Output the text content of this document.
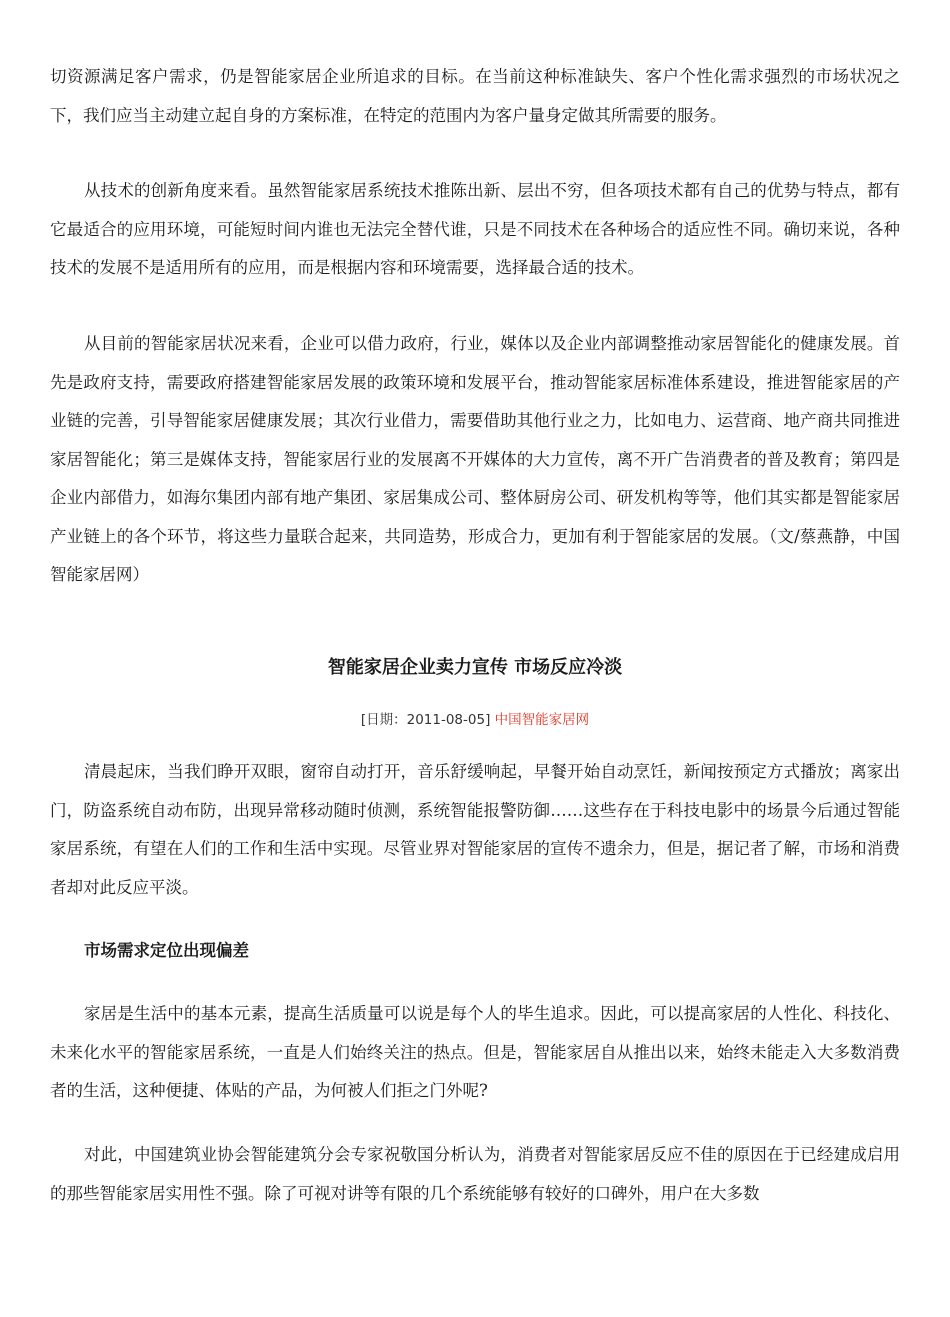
切资源满足客户需求，仍是智能家居企业所追求的目标。在当前这种标准缺失、客户个性化需求强烈的市场状况之下，我们应当主动建立起自身的方案标准，在特定的范围内为客户量身定做其所需要的服务。

从技术的创新角度来看。虽然智能家居系统技术推陈出新、层出不穷，但各项技术都有自己的优势与特点，都有它最适合的应用环境，可能短时间内谁也无法完全替代谁，只是不同技术在各种场合的适应性不同。确切来说，各种技术的发展不是适用所有的应用，而是根据内容和环境需要，选择最合适的技术。

从目前的智能家居状况来看，企业可以借力政府，行业，媒体以及企业内部调整推动家居智能化的健康发展。首先是政府支持，需要政府搭建智能家居发展的政策环境和发展平台，推动智能家居标准体系建设，推进智能家居的产业链的完善，引导智能家居健康发展；其次行业借力，需要借助其他行业之力，比如电力、运营商、地产商共同推进家居智能化；第三是媒体支持，智能家居行业的发展离不开媒体的大力宣传，离不开广告消费者的普及教育；第四是企业内部借力，如海尔集团内部有地产集团、家居集成公司、整体厨房公司、研发机构等等，他们其实都是智能家居产业链上的各个环节，将这些力量联合起来，共同造势，形成合力，更加有利于智能家居的发展。（文/蔡燕静，中国智能家居网）

智能家居企业卖力宣传 市场反应冷淡
[日期：2011-08-05] 中国智能家居网

清晨起床，当我们睁开双眼，窗帘自动打开，音乐舒缓响起，早餐开始自动烹饪，新闻按预定方式播放；离家出门，防盗系统自动布防，出现异常移动随时侦测，系统智能报警防御……这些存在于科技电影中的场景今后通过智能家居系统，有望在人们的工作和生活中实现。尽管业界对智能家居的宣传不遗余力，但是，据记者了解，市场和消费者却对此反应平淡。

市场需求定位出现偏差

家居是生活中的基本元素，提高生活质量可以说是每个人的毕生追求。因此，可以提高家居的人性化、科技化、未来化水平的智能家居系统，一直是人们始终关注的热点。但是，智能家居自从推出以来，始终未能走入大多数消费者的生活，这种便捷、体贴的产品，为何被人们拒之门外呢?

对此，中国建筑业协会智能建筑分会专家祝敬国分析认为，消费者对智能家居反应不佳的原因在于已经建成启用的那些智能家居实用性不强。除了可视对讲等有限的几个系统能够有较好的口碑外，用户在大多数
